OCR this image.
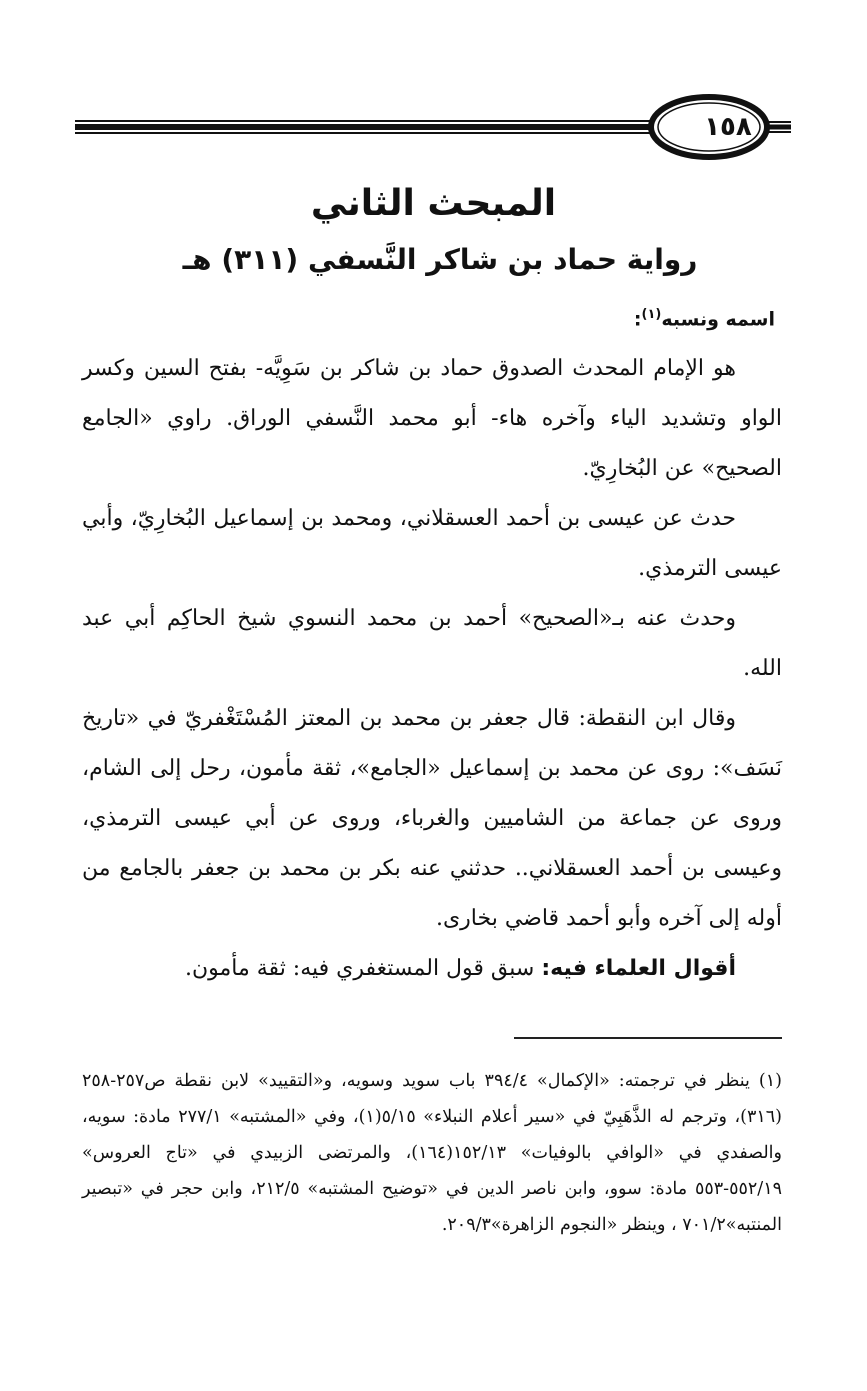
١٥٨
المبحث الثاني
رواية حماد بن شاكر النَّسفي (٣١١) هـ
اسمه ونسبه$^{(١)}$:

هو الإمام المحدث الصدوق حماد بن شاكر بن سَوِيَّه- بفتح السين وكسر الواو وتشديد الياء وآخره هاء- أبو محمد النَّسفي الوراق. راوي «الجامع الصحيح» عن البُخارِيّ.

حدث عن عيسى بن أحمد العسقلاني، ومحمد بن إسماعيل البُخارِيّ، وأبي عيسى الترمذي.

وحدث عنه بـ«الصحيح» أحمد بن محمد النسوي شيخ الحاكِم أبي عبد الله.

وقال ابن النقطة: قال جعفر بن محمد بن المعتز المُسْتَغْفريّ في «تاريخ نَسَف»: روى عن محمد بن إسماعيل «الجامع»، ثقة مأمون، رحل إلى الشام، وروى عن جماعة من الشاميين والغرباء، وروى عن أبي عيسى الترمذي، وعيسى بن أحمد العسقلاني.. حدثني عنه بكر بن محمد بن جعفر بالجامع من أوله إلى آخره وأبو أحمد قاضي بخارى.

أقوال العلماء فيه: سبق قول المستغفري فيه: ثقة مأمون.

(١) ينظر في ترجمته: «الإكمال» ٣٩٤/٤ باب سويد وسويه، و«التقييد» لابن نقطة ص٢٥٧-٢٥٨ (٣١٦)، وترجم له الذَّهَبِيّ في «سير أعلام النبلاء» ٥/١٥(١)، وفي «المشتبه» ٢٧٧/١ مادة: سويه، والصفدي في «الوافي بالوفيات» ١٥٢/١٣(١٦٤)، والمرتضى الزبيدي في «تاج العروس» ٥٥٢/١٩-٥٥٣ مادة: سوو، وابن ناصر الدين في «توضيح المشتبه» ٢١٢/٥، وابن حجر في «تبصير المنتبه»٧٠١/٢ ، وينظر «النجوم الزاهرة»٢٠٩/٣.
